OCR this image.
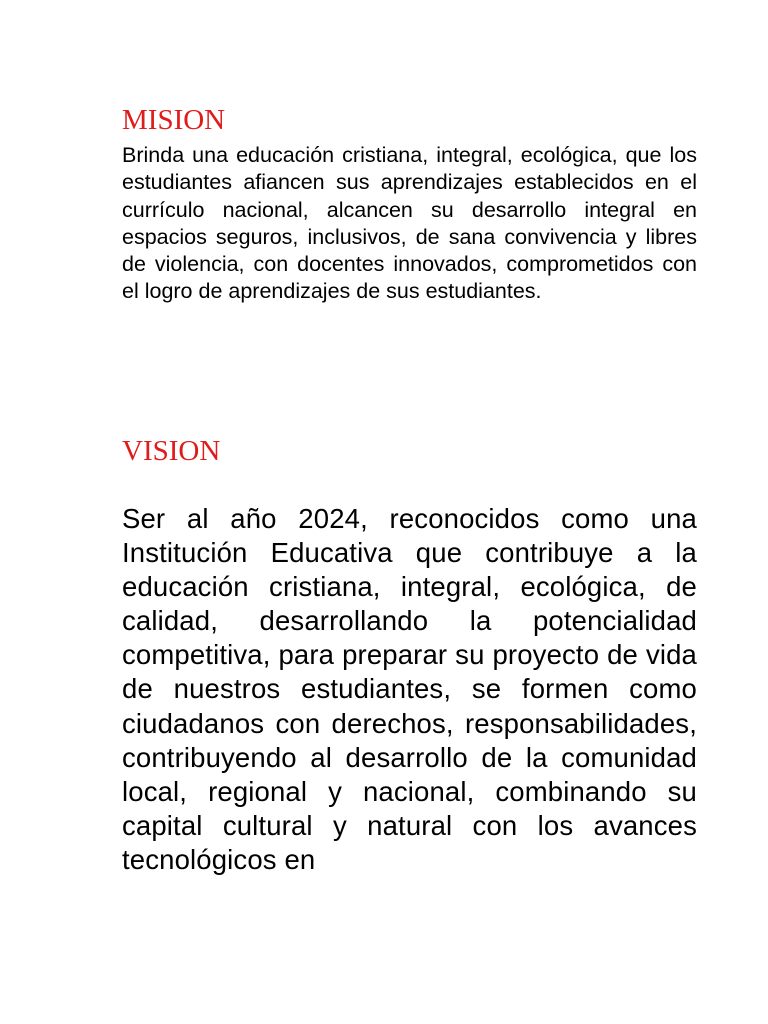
MISION

Brinda una educación cristiana, integral, ecológica, que los estudiantes afiancen sus aprendizajes establecidos en el currículo nacional, alcancen su desarrollo integral en espacios seguros, inclusivos, de sana convivencia y libres de violencia, con docentes innovados, comprometidos con el logro de aprendizajes de sus estudiantes.

VISION

Ser al año 2024, reconocidos como una Institución Educativa que contribuye a la educación cristiana, integral, ecológica, de calidad, desarrollando la potencialidad competitiva, para preparar su proyecto de vida de nuestros estudiantes, se formen como ciudadanos con derechos, responsabilidades, contribuyendo al desarrollo de la comunidad local, regional y nacional, combinando su capital cultural y natural con los avances tecnológicos en
